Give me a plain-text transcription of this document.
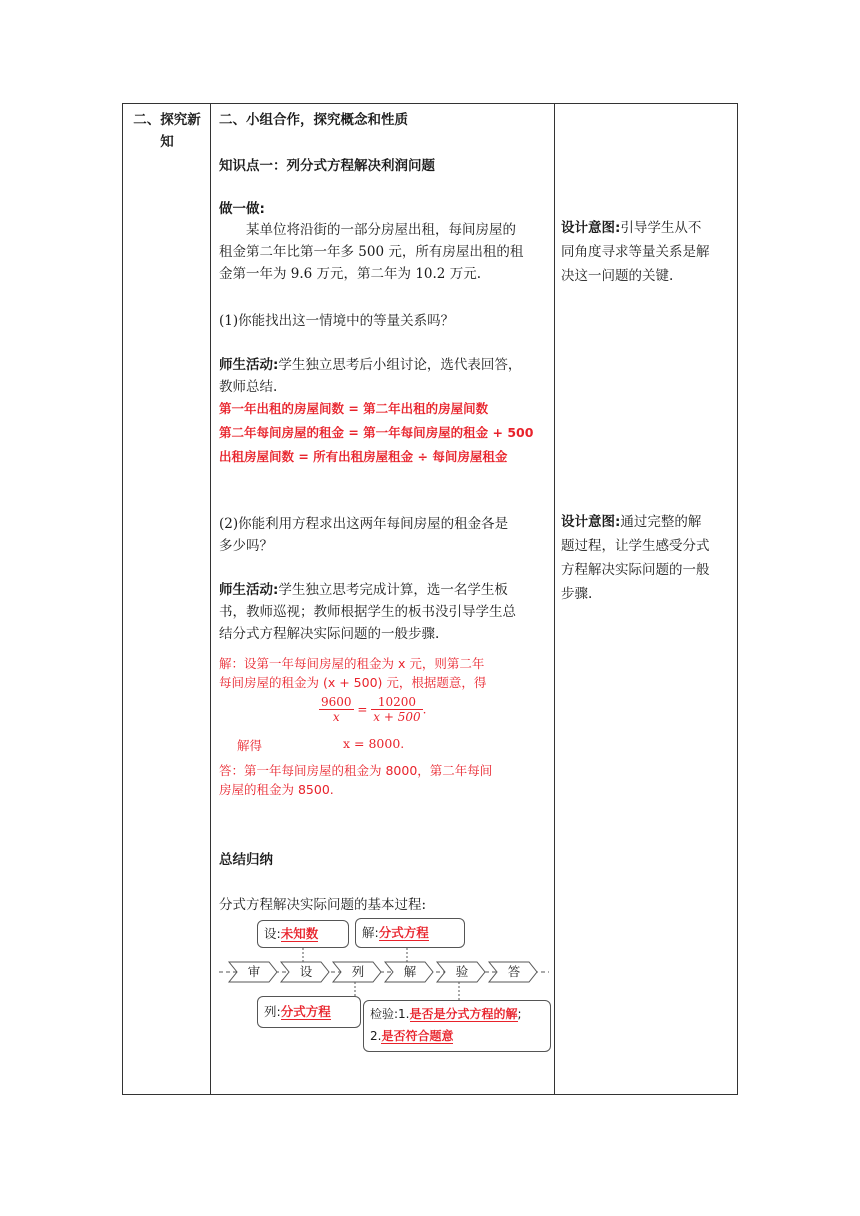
二、探究新
知
二、小组合作，探究概念和性质
知识点一：列分式方程解决利润问题
做一做:
某单位将沿街的一部分房屋出租，每间房屋的
租金第二年比第一年多 500 元，所有房屋出租的租
金第一年为 9.6 万元，第二年为 10.2 万元.
(1)你能找出这一情境中的等量关系吗？
师生活动:学生独立思考后小组讨论，选代表回答，
教师总结.
第一年出租的房屋间数 = 第二年出租的房屋间数
第二年每间房屋的租金 = 第一年每间房屋的租金 + 500
出租房屋间数 = 所有出租房屋租金 ÷ 每间房屋租金
(2)你能利用方程求出这两年每间房屋的租金各是
多少吗？
师生活动:学生独立思考完成计算，选一名学生板
书，教师巡视；教师根据学生的板书没引导学生总
结分式方程解决实际问题的一般步骤.
解：设第一年每间房屋的租金为 x 元，则第二年
每间房屋的租金为 (x + 500) 元，根据题意，得
$\frac{9600}{x} = \frac{10200}{x + 500}$ .
解得	x = 8000.
答：第一年每间房屋的租金为 8000，第二年每间
房屋的租金为 8500.
总结归纳
分式方程解决实际问题的基本过程:
审	设	列	解	验	答
设:未知数	解:分式方程
列:分式方程	检验:1.是否是分式方程的解;
2.是否符合题意
设计意图:引导学生从不
同角度寻求等量关系是解
决这一问题的关键.
设计意图:通过完整的解
题过程，让学生感受分式
方程解决实际问题的一般
步骤.
